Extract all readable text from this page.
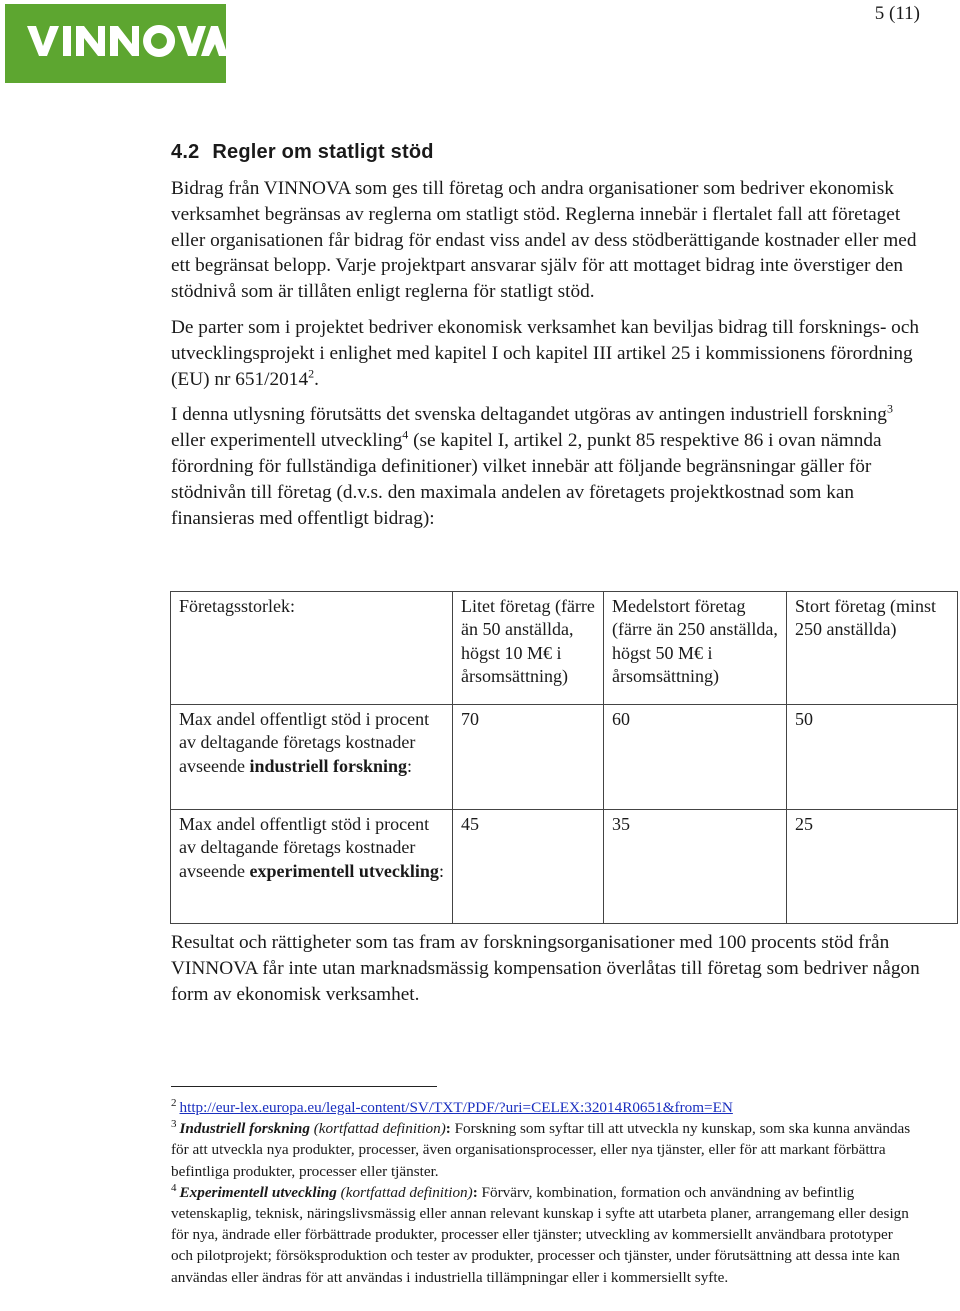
5 (11)
4.2 Regler om statligt stöd

Bidrag från VINNOVA som ges till företag och andra organisationer som bedriver ekonomisk verksamhet begränsas av reglerna om statligt stöd. Reglerna innebär i flertalet fall att företaget eller organisationen får bidrag för endast viss andel av dess stödberättigande kostnader eller med ett begränsat belopp. Varje projektpart ansvarar själv för att mottaget bidrag inte överstiger den stödnivå som är tillåten enligt reglerna för statligt stöd.

De parter som i projektet bedriver ekonomisk verksamhet kan beviljas bidrag till forsknings- och utvecklingsprojekt i enlighet med kapitel I och kapitel III artikel 25 i kommissionens förordning (EU) nr 651/2014$^2$.

I denna utlysning förutsätts det svenska deltagandet utgöras av antingen industriell forskning$^3$ eller experimentell utveckling$^4$ (se kapitel I, artikel 2, punkt 85 respektive 86 i ovan nämnda förordning för fullständiga definitioner) vilket innebär att följande begränsningar gäller för stödnivån till företag (d.v.s. den maximala andelen av företagets projektkostnad som kan finansieras med offentligt bidrag):

Företagsstorlek:	Litet företag (färre än 50 anställda, högst 10 M€ i årsomsättning)	Medelstort företag (färre än 250 anställda, högst 50 M€ i årsomsättning)	Stort företag (minst 250 anställda)

Max andel offentligt stöd i procent av deltagande företags kostnader avseende industriell forskning:	70	60	50

Max andel offentligt stöd i procent av deltagande företags kostnader avseende experimentell utveckling:	45	35	25

Resultat och rättigheter som tas fram av forskningsorganisationer med 100 procents stöd från VINNOVA får inte utan marknadsmässig kompensation överlåtas till företag som bedriver någon form av ekonomisk verksamhet.

$^2$ http://eur-lex.europa.eu/legal-content/SV/TXT/PDF/?uri=CELEX:32014R0651&from=EN
$^3$ Industriell forskning (kortfattad definition): Forskning som syftar till att utveckla ny kunskap, som ska kunna användas för att utveckla nya produkter, processer, även organisationsprocesser, eller nya tjänster, eller för att markant förbättra befintliga produkter, processer eller tjänster.
$^4$ Experimentell utveckling (kortfattad definition): Förvärv, kombination, formation och användning av befintlig vetenskaplig, teknisk, näringslivsmässig eller annan relevant kunskap i syfte att utarbeta planer, arrangemang eller design för nya, ändrade eller förbättrade produkter, processer eller tjänster; utveckling av kommersiellt användbara prototyper och pilotprojekt; försöksproduktion och tester av produkter, processer och tjänster, under förutsättning att dessa inte kan användas eller ändras för att användas i industriella tillämpningar eller i kommersiellt syfte.
